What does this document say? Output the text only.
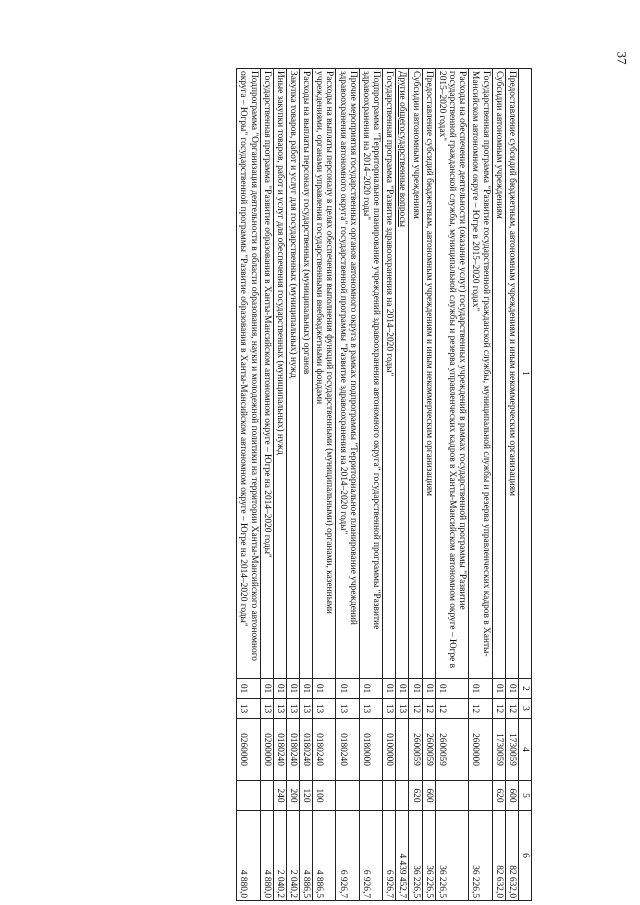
37
1	2	3	4	5	6
Предоставление субсидий бюджетным, автономным учреждениям и иным некоммерческим организациям	01	12	1730059	600	82 632,0
Субсидии автономным учреждениям	01	12	1730059	620	82 632,0
Государственная программа "Развитие государственной гражданской службы, муниципальной службы и резерва управленческих кадров в Ханты-Мансийском автономном округе – Югре в 2015–2020 годах"	01	12	2600000		36 226,5
Расходы на обеспечение деятельности (оказание услуг) государственных учреждений в рамках государственной программы "Развитие государственной гражданской службы, муниципальной службы и резерва управленческих кадров в Ханты-Мансийском автономном округе – Югре в 2015–2020 годах"	01	12	2600059		36 226,5
Предоставление субсидий бюджетным, автономным учреждениям и иным некоммерческим организациям	01	12	2600059	600	36 226,5
Субсидии автономным учреждениям	01	12	2600059	620	36 226,5
Другие общегосударственные вопросы	01	13			4 439 452,7
Государственная программа "Развитие здравоохранения на 2014–2020 годы"	01	13	0100000		6 926,7
Подпрограмма "Территориальное планирование учреждений здравоохранения автономного округа" государственной программы "Развитие здравоохранения на 2014–2020 годы"	01	13	0180000		6 926,7
Прочие мероприятия государственных органов автономного округа в рамках подпрограммы "Территориальное планирование учреждений здравоохранения автономного округа" государственной программы "Развитие здравоохранения на 2014–2020 годы"	01	13	0180240		6 926,7
Расходы на выплаты персоналу в целях обеспечения выполнения функций государственными (муниципальными) органами, казенными учреждениями, органами управления государственными внебюджетными фондами	01	13	0180240	100	4 886,5
Расходы на выплаты персоналу государственных (муниципальных) органов	01	13	0180240	120	4 886,5
Закупка товаров, работ и услуг для государственных (муниципальных) нужд	01	13	0180240	200	2 040,2
Иные закупки товаров, работ и услуг для обеспечения государственных (муниципальных) нужд	01	13	0180240	240	2 040,2
Государственная программа "Развитие образования в Ханты-Мансийском автономном округе – Югре на 2014–2020 годы"	01	13	0200000		4 880,0
Подпрограмма "Организация деятельности в области образования, науки и молодежной политики на территории Ханты-Мансийского автономного округа – Югры" государственной программы "Развитие образования в Ханты-Мансийском автономном округе – Югре на 2014–2020 годы"	01	13	0260000		4 880,0
